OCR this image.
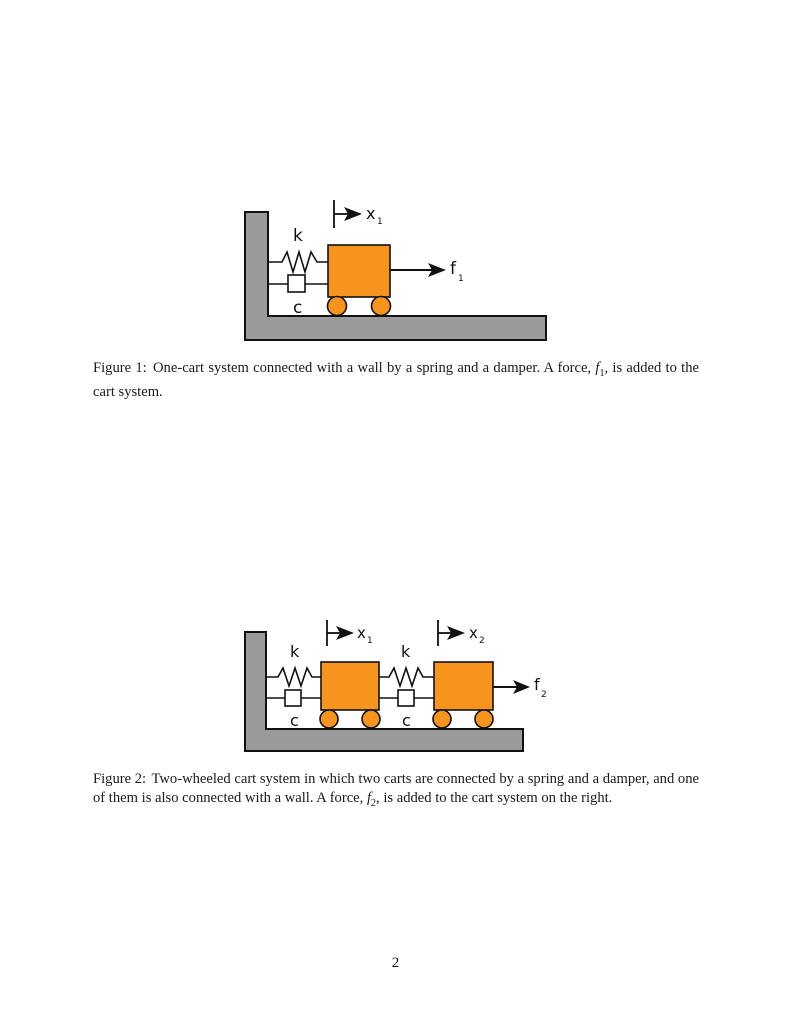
k
c
x 1
f 1
Figure 1: One-cart system connected with a wall by a spring and a damper. A force, $f_1$, is added to the cart system.
k
c
k
c
x 1	x 2
f
2
Figure 2: Two-wheeled cart system in which two carts are connected by a spring and a damper, and one of them is also connected with a wall. A force, $f_2$, is added to the cart system on the right.
2
